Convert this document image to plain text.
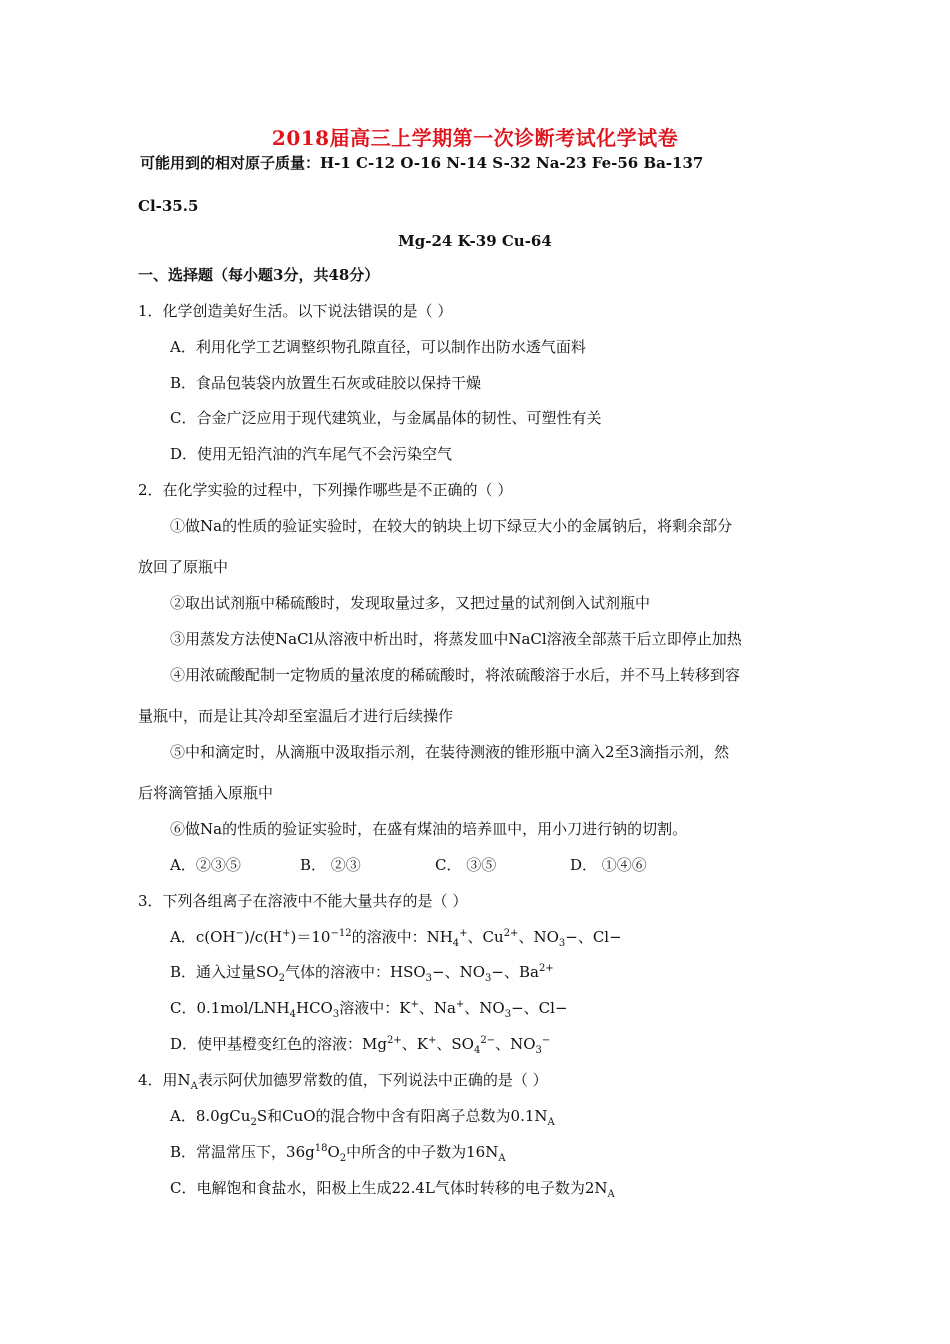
2018届高三上学期第一次诊断考试化学试卷
可能用到的相对原子质量：H-1 C-12 O-16 N-14 S-32 Na-23 Fe-56 Ba-137
Cl-35.5
Mg-24 K-39 Cu-64
一、选择题（每小题3分，共48分）
1．化学创造美好生活。以下说法错误的是（ ）
A．利用化学工艺调整织物孔隙直径，可以制作出防水透气面料
B．食品包装袋内放置生石灰或硅胶以保持干燥
C．合金广泛应用于现代建筑业，与金属晶体的韧性、可塑性有关
D．使用无铅汽油的汽车尾气不会污染空气
2．在化学实验的过程中，下列操作哪些是不正确的（ ）
①做Na的性质的验证实验时，在较大的钠块上切下绿豆大小的金属钠后，将剩余部分
放回了原瓶中
②取出试剂瓶中稀硫酸时，发现取量过多，又把过量的试剂倒入试剂瓶中
③用蒸发方法使NaCl从溶液中析出时，将蒸发皿中NaCl溶液全部蒸干后立即停止加热
④用浓硫酸配制一定物质的量浓度的稀硫酸时，将浓硫酸溶于水后，并不马上转移到容
量瓶中，而是让其冷却至室温后才进行后续操作
⑤中和滴定时，从滴瓶中汲取指示剂，在装待测液的锥形瓶中滴入2至3滴指示剂，然
后将滴管插入原瓶中
⑥做Na的性质的验证实验时，在盛有煤油的培养皿中，用小刀进行钠的切割。
A．②③⑤	B． ②③	C． ③⑤	D． ①④⑥
3．下列各组离子在溶液中不能大量共存的是（ ）
A．$c(OH^-)/c(H^+)=10^{-12}$的溶液中：$NH_4^+$、$Cu^{2+}$、$NO_3-$、Cl−
B．通入过量$SO_2$气体的溶液中：$HSO_3-$、$NO_3-$、$Ba^{2+}$
C．$0.1mol/LNH_4HCO_3$溶液中：K+、Na+、$NO_3-$、Cl−
D．使甲基橙变红色的溶液：$Mg^{2+}$、K+、$SO_4^{2-}$、$NO_3^-$
4．用$N_A$表示阿伏加德罗常数的值，下列说法中正确的是（ ）
A．8.0gCu$_2$S和CuO的混合物中含有阳离子总数为$0.1N_A$
B．常温常压下，$36g^{18}O_2$中所含的中子数为$16N_A$
C．电解饱和食盐水，阳极上生成22.4L气体时转移的电子数为$2N_A$
